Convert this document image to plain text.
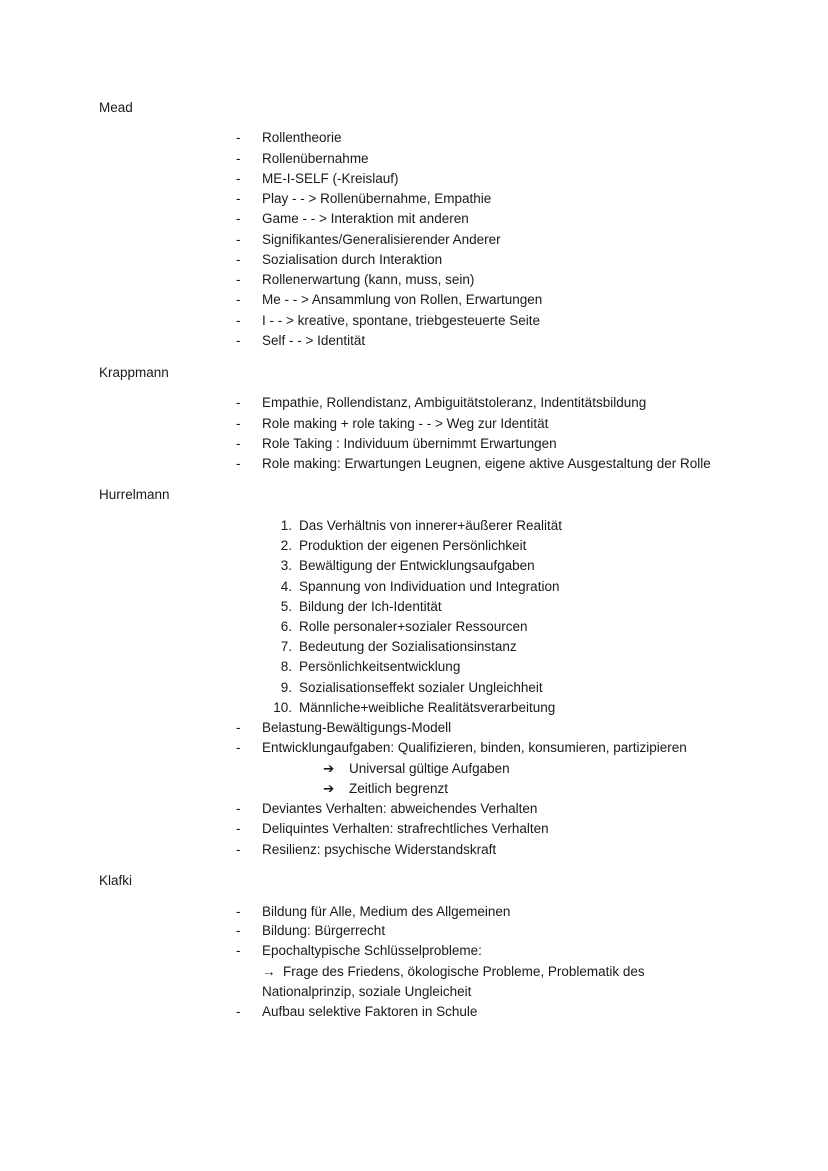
Mead
- Rollentheorie
- Rollenübernahme
- ME-I-SELF (-Kreislauf)
- Play - - > Rollenübernahme, Empathie
- Game - - > Interaktion mit anderen
- Signifikantes/Generalisierender Anderer
- Sozialisation durch Interaktion
- Rollenerwartung (kann, muss, sein)
- Me - - > Ansammlung von Rollen, Erwartungen
- I - - > kreative, spontane, triebgesteuerte Seite
- Self - - > Identität
Krappmann
- Empathie, Rollendistanz, Ambiguitätstoleranz, Indentitätsbildung
- Role making + role taking - - > Weg zur Identität
- Role Taking : Individuum übernimmt Erwartungen
- Role making: Erwartungen Leugnen, eigene aktive Ausgestaltung der Rolle
Hurrelmann
1. Das Verhältnis von innerer+äußerer Realität
2. Produktion der eigenen Persönlichkeit
3. Bewältigung der Entwicklungsaufgaben
4. Spannung von Individuation und Integration
5. Bildung der Ich-Identität
6. Rolle personaler+sozialer Ressourcen
7. Bedeutung der Sozialisationsinstanz
8. Persönlichkeitsentwicklung
9. Sozialisationseffekt sozialer Ungleichheit
10. Männliche+weibliche Realitätsverarbeitung
- Belastung-Bewältigungs-Modell
- Entwicklungaufgaben: Qualifizieren, binden, konsumieren, partizipieren
➔ Universal gültige Aufgaben
➔ Zeitlich begrenzt
- Deviantes Verhalten: abweichendes Verhalten
- Deliquintes Verhalten: strafrechtliches Verhalten
- Resilienz: psychische Widerstandskraft
Klafki
- Bildung für Alle, Medium des Allgemeinen
- Bildung: Bürgerrecht
- Epochaltypische Schlüsselprobleme:
→ Frage des Friedens, ökologische Probleme, Problematik des
Nationalprinzip, soziale Ungleicheit
- Aufbau selektive Faktoren in Schule
